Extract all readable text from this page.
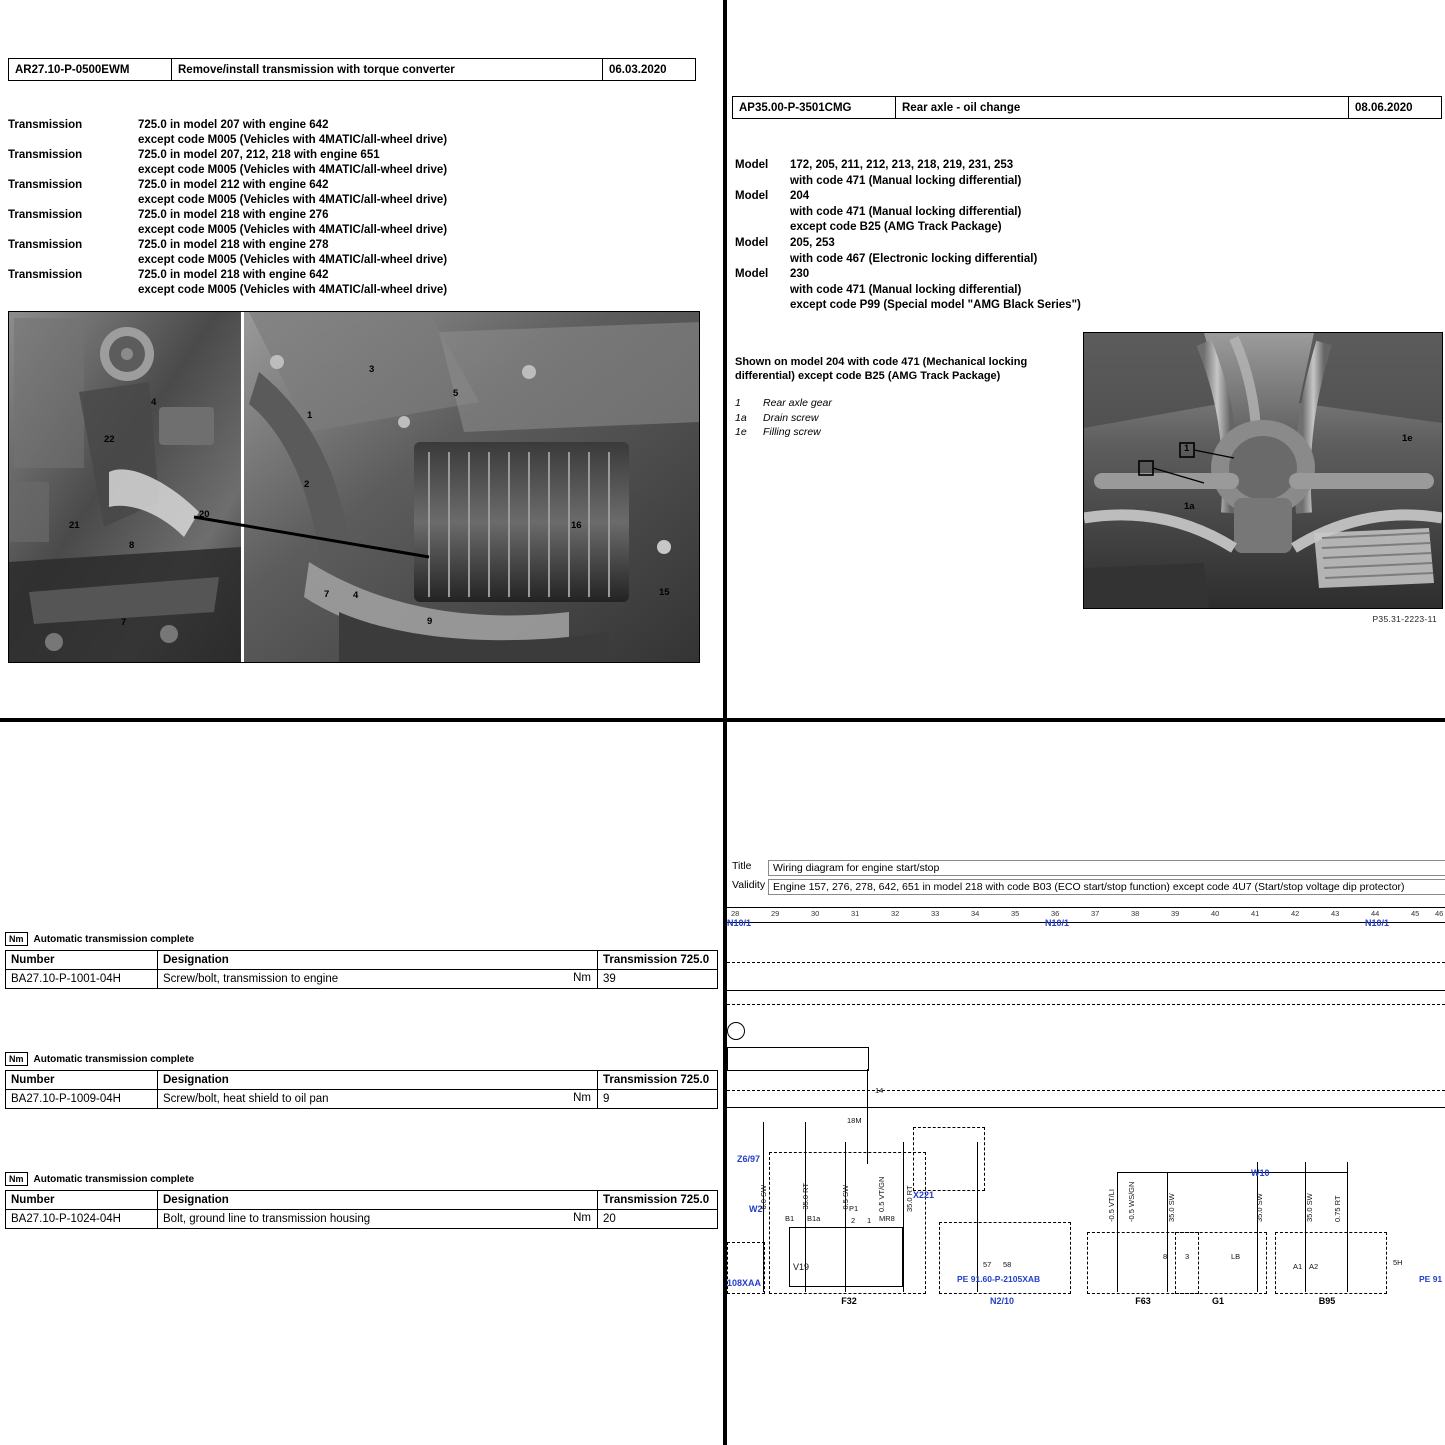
AR27.10-P-0500EWM	Remove/install transmission with torque converter	06.03.2020
Transmission	725.0 in model 207 with engine 642
except code M005 (Vehicles with 4MATIC/all-wheel drive)
Transmission	725.0 in model 207, 212, 218 with engine 651
except code M005 (Vehicles with 4MATIC/all-wheel drive)
Transmission	725.0 in model 212 with engine 642
except code M005 (Vehicles with 4MATIC/all-wheel drive)
Transmission	725.0 in model 218 with engine 276
except code M005 (Vehicles with 4MATIC/all-wheel drive)
Transmission	725.0 in model 218 with engine 278
except code M005 (Vehicles with 4MATIC/all-wheel drive)
Transmission	725.0 in model 218 with engine 642
except code M005 (Vehicles with 4MATIC/all-wheel drive)
4
22
21
8
7
20
3
5
1
2
16
7 4
9
15
AP35.00-P-3501CMG	Rear axle - oil change	08.06.2020
Model	172, 205, 211, 212, 213, 218, 219, 231, 253
with code 471 (Manual locking differential)
Model	204
with code 471 (Manual locking differential)
except code B25 (AMG Track Package)
Model	205, 253
with code 467 (Electronic locking differential)
Model	230
with code 471 (Manual locking differential)
except code P99 (Special model "AMG Black Series")
Shown on model 204 with code 471 (Mechanical locking differential) except code B25 (AMG Track Package)
1	Rear axle gear
1a	Drain screw
1e	Filling screw
1
1e
1a
P35.31-2223-11
Nm	Automatic transmission complete
Number	Designation	Transmission 725.0
BA27.10-P-1001-04H	Screw/bolt, transmission to engine Nm	39
Nm	Automatic transmission complete
Number	Designation	Transmission 725.0
BA27.10-P-1009-04H	Screw/bolt, heat shield to oil pan Nm	9
Nm	Automatic transmission complete
Number	Designation	Transmission 725.0
BA27.10-P-1024-04H	Bolt, ground line to transmission housing Nm	20
Title	Wiring diagram for engine start/stop
Validity Engine 157, 276, 278, 642, 651 in model 218 with code B03 (ECO start/stop function) except code 4U7 (Start/stop voltage dip protector)
28	29	30	31	32	33	34	35	36	37	38	39	40	41	42	43	44	45 46
N10/1	N10/1	N10/1
F32	N2/10	F63	G1	B95
V19
MR8
Z6/97
W2
X221
W10
108XAA	PE 91.60-P-2105XAB	PE 91
-6.0 SW	-35.0 RT	-0.5 SW	0.5 VT/GN	35.0 RT	-0.5 VT/LI -0.5 WS/GN	35.0 SW	35.0 SW	35.0 SW	0.75 RT
B1 B1a
P1
2 1
14
18M
57 58
LB
A1 A2	5H
3
8
